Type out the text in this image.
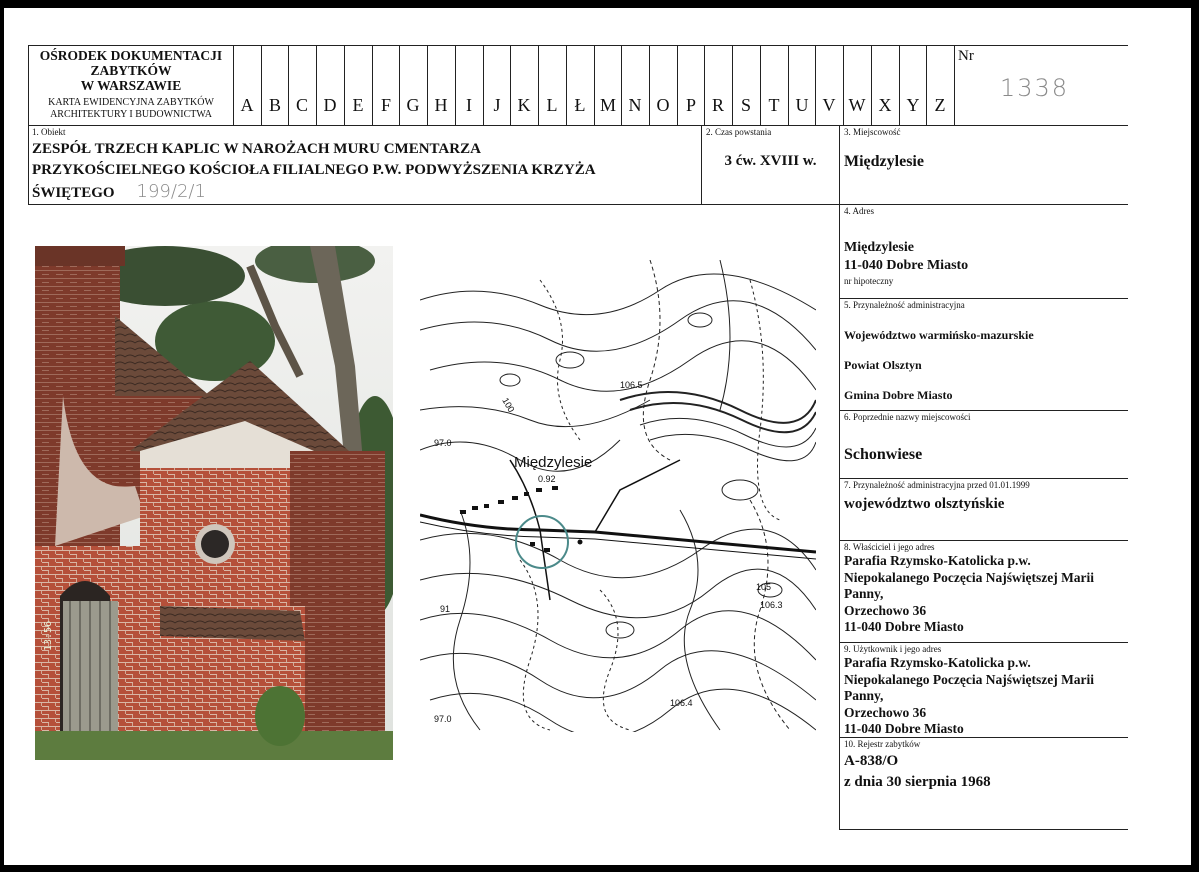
OŚRODEK DOKUMENTACJI
ZABYTKÓW
W WARSZAWIE
KARTA EWIDENCYJNA ZABYTKÓW
ARCHITEKTURY I BUDOWNICTWA
Nr
1338
1. Obiekt
ZESPÓŁ TRZECH KAPLIC W NAROŻACH MURU CMENTARZA
PRZYKOŚCIELNEGO KOŚCIOŁA FILIALNEGO P.W. PODWYŻSZENIA KRZYŻA
ŚWIĘTEGO 199/2/1
2. Czas powstania
3 ćw. XVIII w.
3. Miejscowość
Międzylesie
4. Adres
Międzylesie
11-040 Dobre Miasto
nr hipoteczny
5. Przynależność administracyjna
Województwo warmińsko-mazurskie
Powiat Olsztyn
Gmina Dobre Miasto
6. Poprzednie nazwy miejscowości
Schonwiese
7. Przynależność administracyjna przed 01.01.1999
województwo olsztyńskie
8. Właściciel i jego adres
Parafia Rzymsko-Katolicka p.w.
Niepokalanego Poczęcia Najświętszej Marii
Panny,
Orzechowo 36
11-040 Dobre Miasto
9. Użytkownik i jego adres
Parafia Rzymsko-Katolicka p.w.
Niepokalanego Poczęcia Najświętszej Marii
Panny,
Orzechowo 36
11-040 Dobre Miasto
10. Rejestr zabytków
A-838/O
z dnia 30 sierpnia 1968
13:56
Międzylesie
106.5
97.0
0.92
91
105
106.3
106.4
100
97.0
A B C D E F G H	I	J K L Ł M N O P R S T U V W X Y Z
